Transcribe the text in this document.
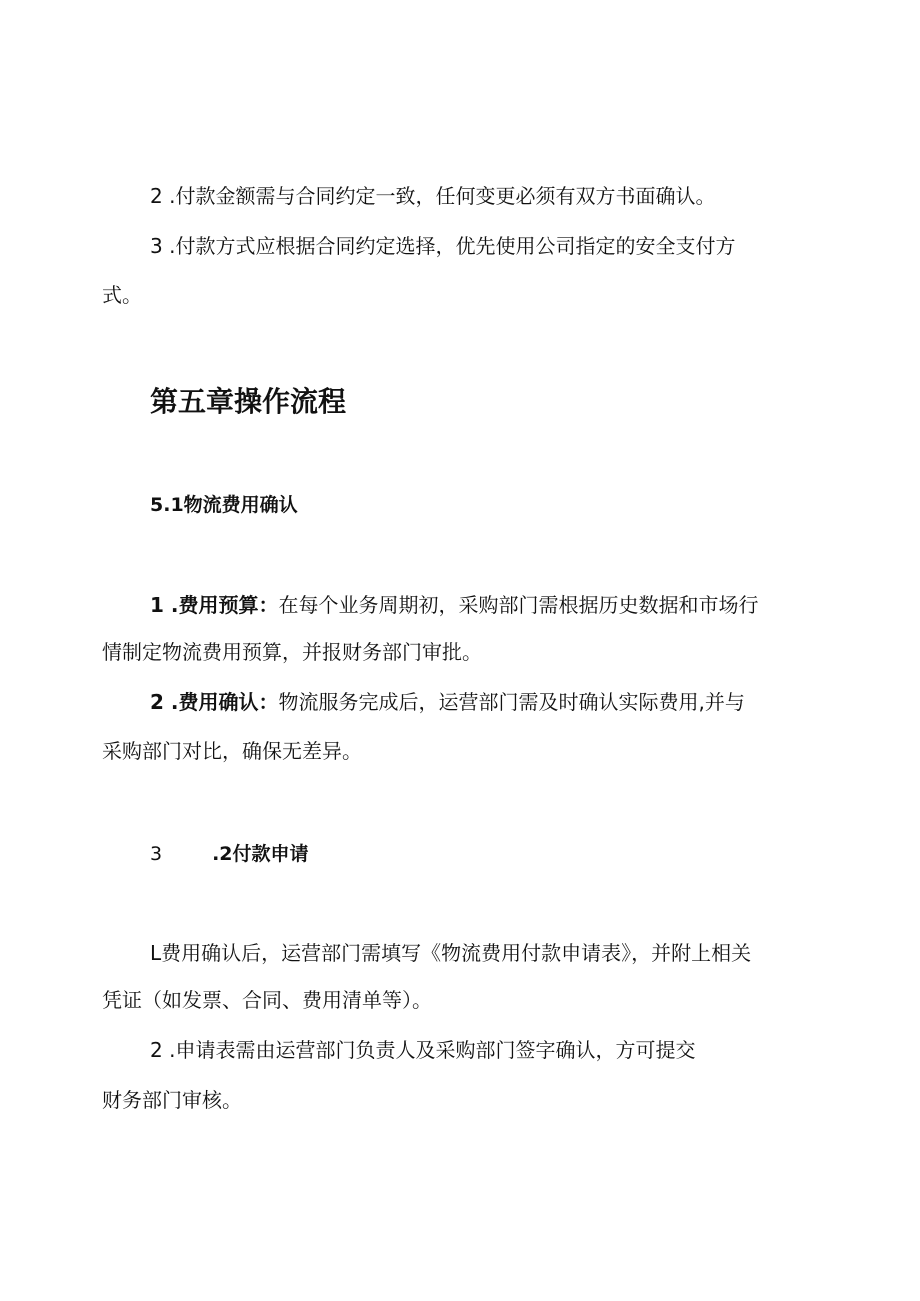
2 .付款金额需与合同约定一致，任何变更必须有双方书面确认。
3 .付款方式应根据合同约定选择，优先使用公司指定的安全支付方
式。
第五章操作流程
5.1物流费用确认
1 .费用预算：在每个业务周期初，采购部门需根据历史数据和市场行
情制定物流费用预算，并报财务部门审批。
2 .费用确认：物流服务完成后，运营部门需及时确认实际费用,并与
采购部门对比，确保无差异。
3	.2付款申请
L费用确认后，运营部门需填写《物流费用付款申请表》，并附上相关
凭证（如发票、合同、费用清单等）。
2 .申请表需由运营部门负责人及采购部门签字确认，方可提交
财务部门审核。
